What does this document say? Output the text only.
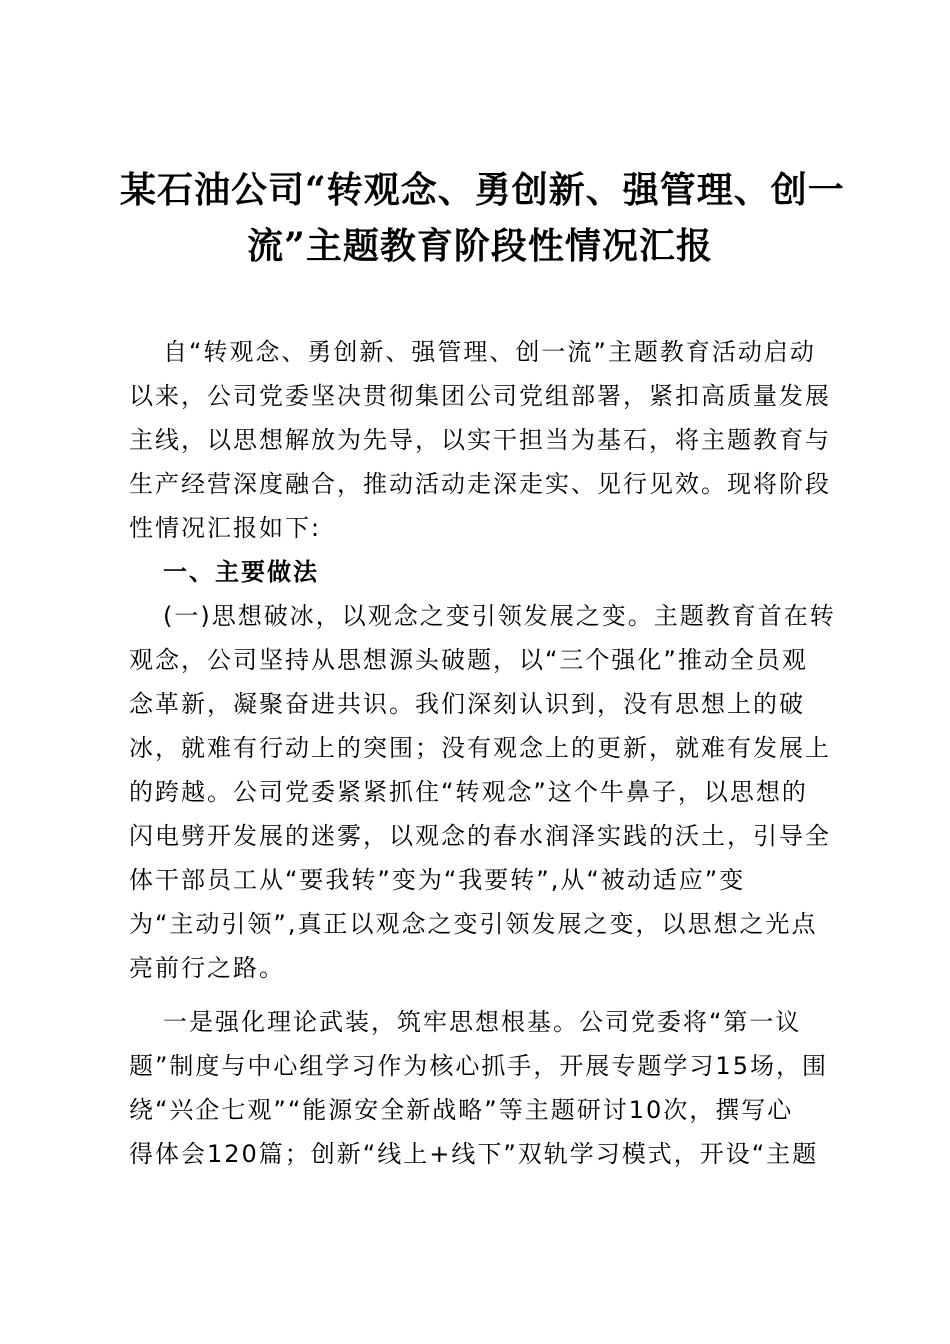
某石油公司“转观念、勇创新、强管理、创一
流”主题教育阶段性情况汇报
自“转观念、勇创新、强管理、创一流”主题教育活动启动
以来，公司党委坚决贯彻集团公司党组部署，紧扣高质量发展
主线，以思想解放为先导，以实干担当为基石，将主题教育与
生产经营深度融合，推动活动走深走实、见行见效。现将阶段
性情况汇报如下:
一、主要做法
(一)思想破冰，以观念之变引领发展之变。主题教育首在转
观念，公司坚持从思想源头破题，以“三个强化”推动全员观
念革新，凝聚奋进共识。我们深刻认识到，没有思想上的破
冰，就难有行动上的突围；没有观念上的更新，就难有发展上
的跨越。公司党委紧紧抓住“转观念”这个牛鼻子，以思想的
闪电劈开发展的迷雾，以观念的春水润泽实践的沃土，引导全
体干部员工从“要我转”变为“我要转”,从“被动适应”变
为“主动引领”,真正以观念之变引领发展之变，以思想之光点
亮前行之路。
一是强化理论武装，筑牢思想根基。公司党委将“第一议
题”制度与中心组学习作为核心抓手，开展专题学习15场，围
绕“兴企七观”“能源安全新战略”等主题研讨10次，撰写心
得体会120篇；创新“线上+线下”双轨学习模式，开设“主题
